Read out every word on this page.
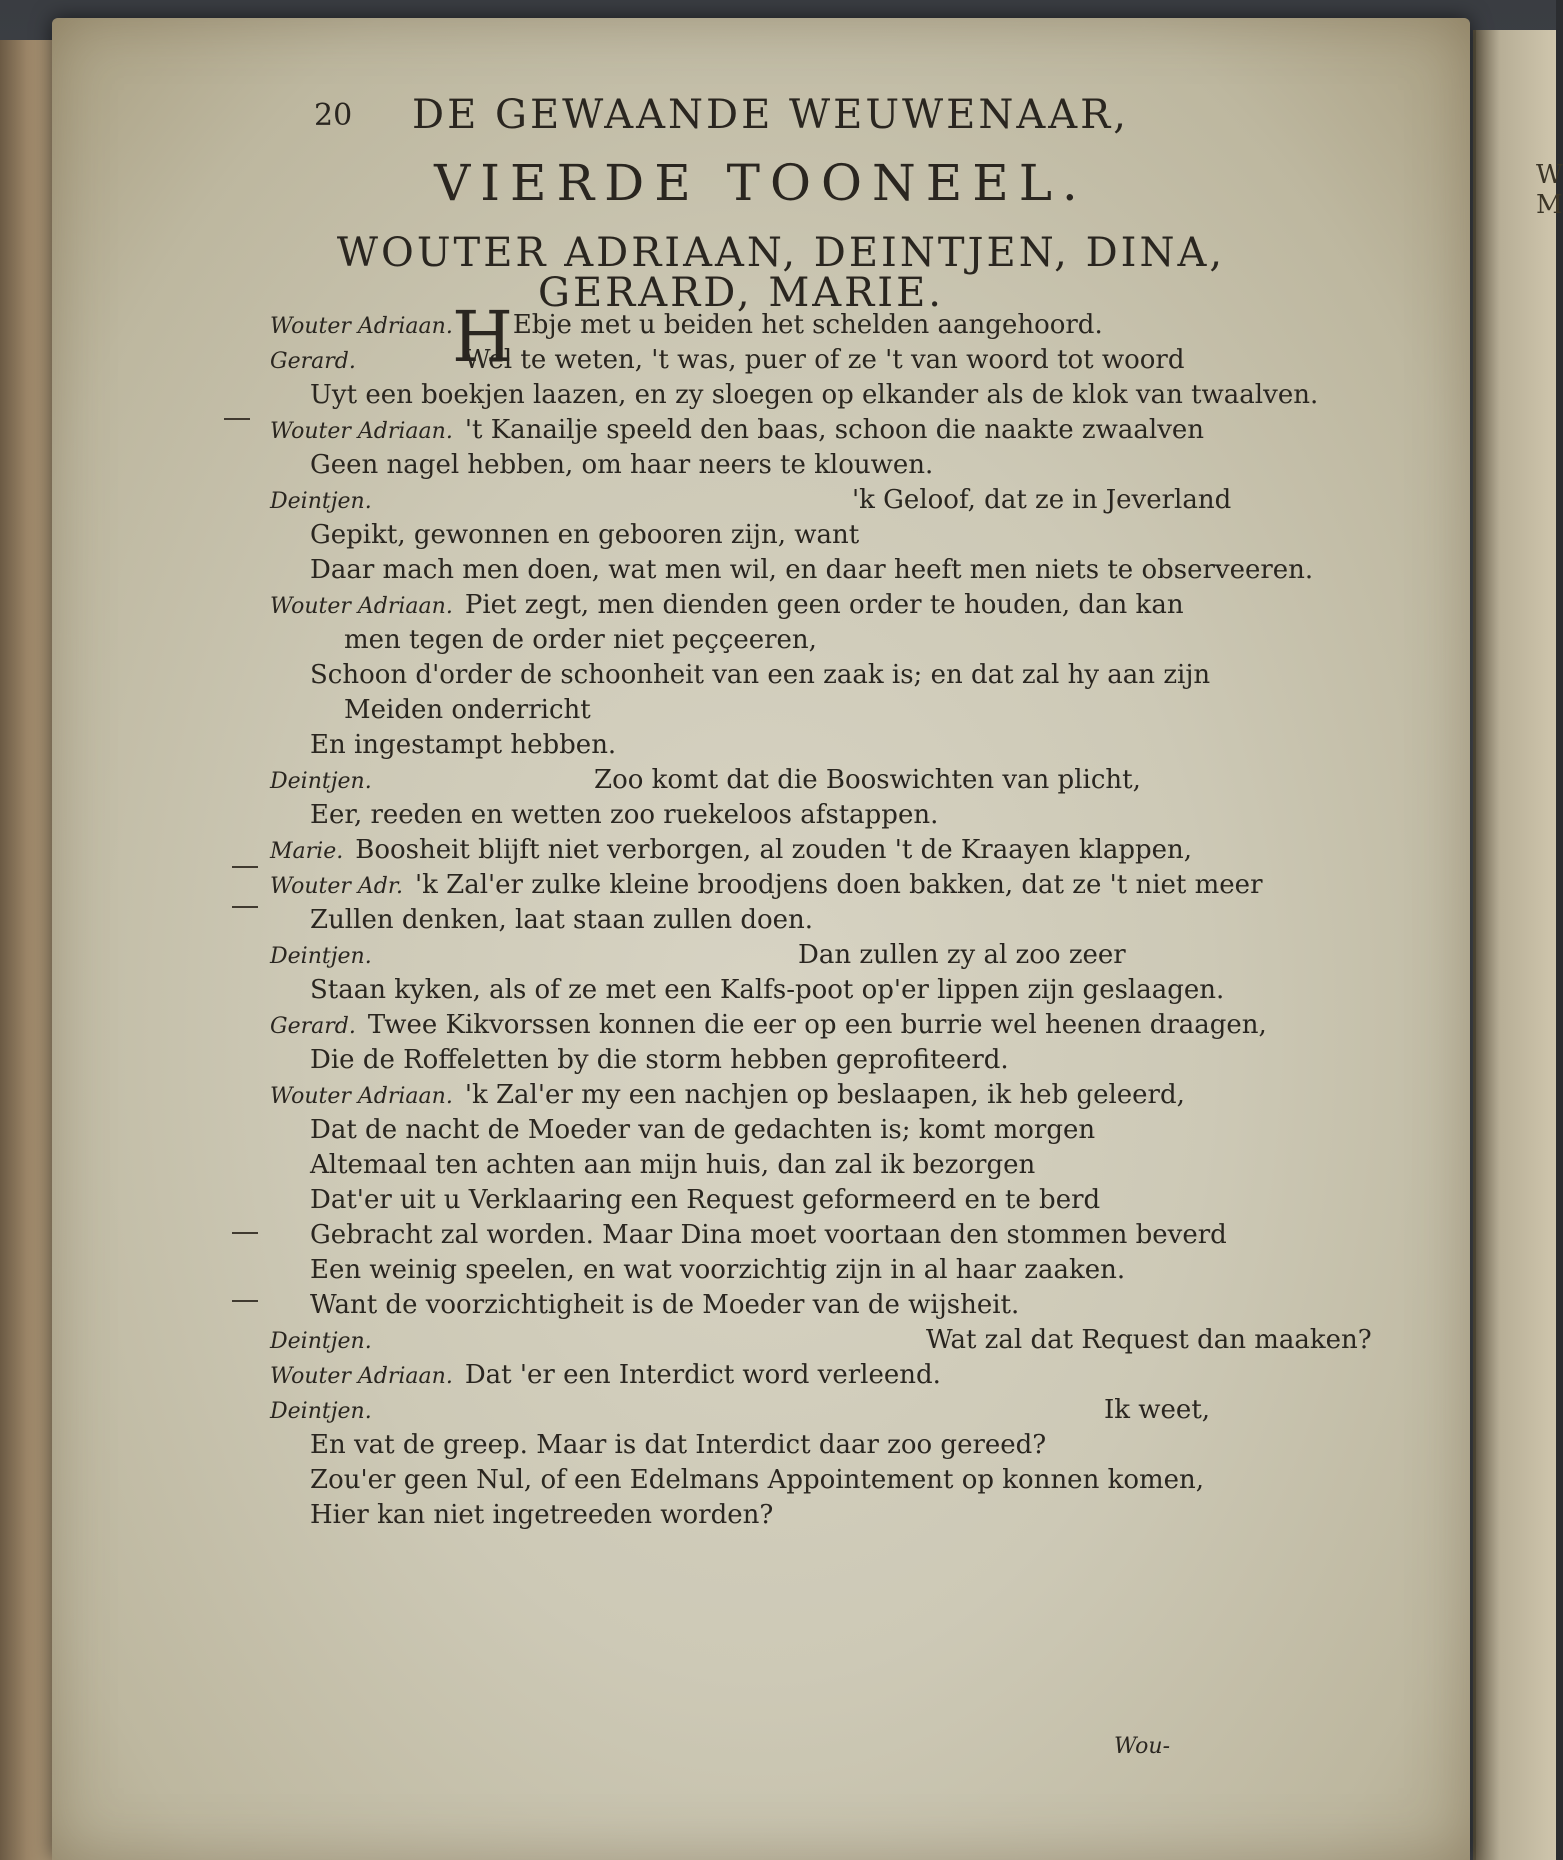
W
M
20 DE GEWAANDE WEUWENAAR,
VIERDE TOONEEL.
WOUTER ADRIAAN, DEINTJEN, DINA,
GERARD, MARIE.
H
Wouter Adriaan. Ebje met u beiden het schelden aangehoord.
Gerard.	Wel te weten, 't was, puer of ze 't van woord tot woord
Uyt een boekjen laazen, en zy sloegen op elkander als de klok van twaalven.
Wouter Adriaan. 't Kanailje speeld den baas, schoon die naakte zwaalven
Geen nagel hebben, om haar neers te klouwen.
Deintjen.	'k Geloof, dat ze in Jeverland
Gepikt, gewonnen en gebooren zijn, want
Daar mach men doen, wat men wil, en daar heeft men niets te observeeren.
Wouter Adriaan. Piet zegt, men dienden geen order te houden, dan kan
men tegen de order niet peççeeren,
Schoon d'order de schoonheit van een zaak is; en dat zal hy aan zijn
Meiden onderricht
En ingestampt hebben.
Deintjen.	Zoo komt dat die Booswichten van plicht,
Eer, reeden en wetten zoo ruekeloos afstappen.
Marie. Boosheit blijft niet verborgen, al zouden 't de Kraayen klappen,
Wouter Adr. 'k Zal'er zulke kleine broodjens doen bakken, dat ze 't niet meer
Zullen denken, laat staan zullen doen.
Deintjen.	Dan zullen zy al zoo zeer
Staan kyken, als of ze met een Kalfs-poot op'er lippen zijn geslaagen.
Gerard. Twee Kikvorssen konnen die eer op een burrie wel heenen draagen,
Die de Roffeletten by die storm hebben geprofiteerd.
Wouter Adriaan. 'k Zal'er my een nachjen op beslaapen, ik heb geleerd,
Dat de nacht de Moeder van de gedachten is; komt morgen
Altemaal ten achten aan mijn huis, dan zal ik bezorgen
Dat'er uit u Verklaaring een Request geformeerd en te berd
Gebracht zal worden. Maar Dina moet voortaan den stommen beverd
Een weinig speelen, en wat voorzichtig zijn in al haar zaaken.
Want de voorzichtigheit is de Moeder van de wijsheit.
Deintjen.	Wat zal dat Request dan maaken?
Wouter Adriaan. Dat 'er een Interdict word verleend.
Deintjen.	Ik weet,
En vat de greep. Maar is dat Interdict daar zoo gereed?
Zou'er geen Nul, of een Edelmans Appointement op konnen komen,
Hier kan niet ingetreeden worden?
Wou-
